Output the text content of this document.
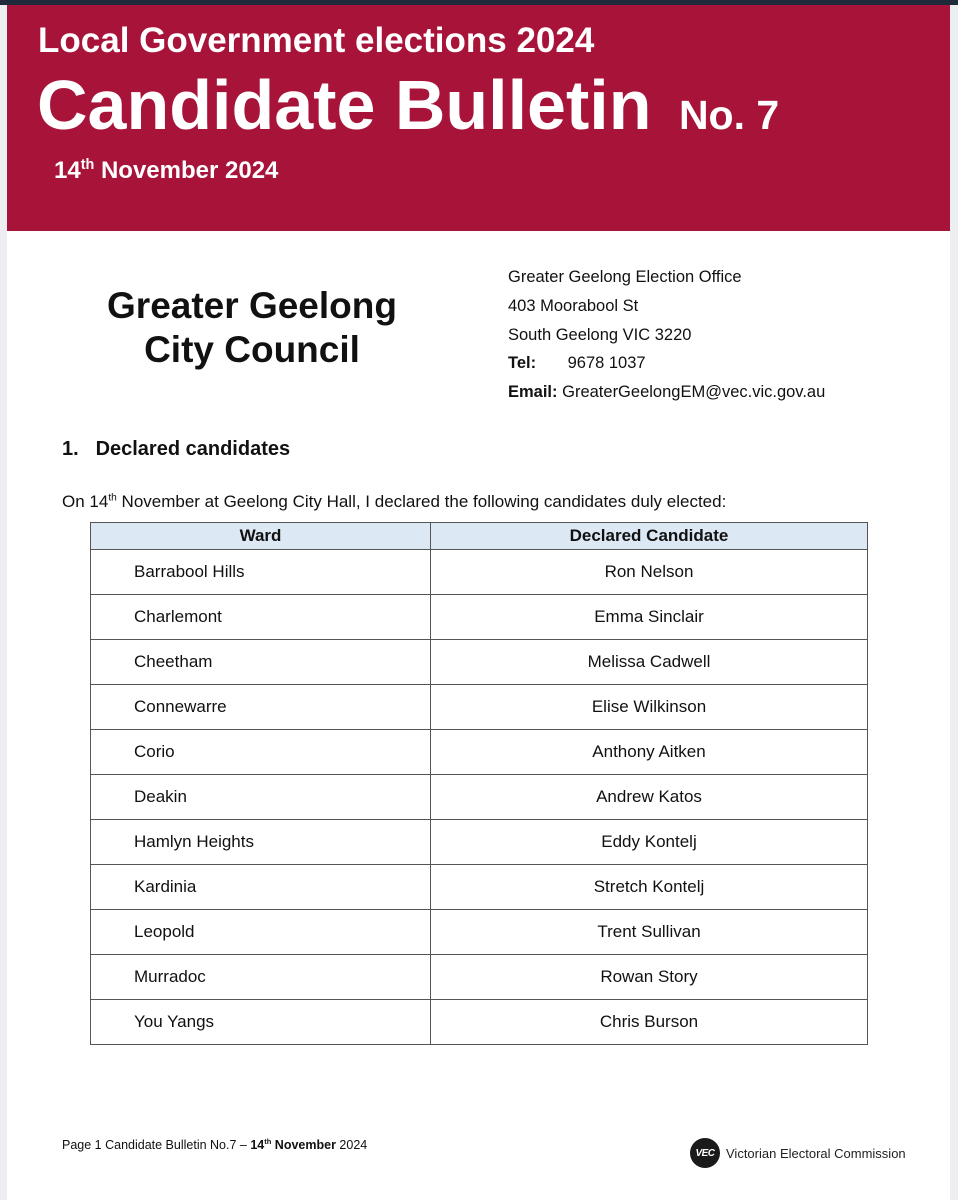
Local Government elections 2024
Candidate Bulletin No. 7
14th November 2024
Greater Geelong
City Council
Greater Geelong Election Office
403 Moorabool St
South Geelong VIC 3220
Tel: 9678 1037
Email: GreaterGeelongEM@vec.vic.gov.au
1. Declared candidates
On 14th November at Geelong City Hall, I declared the following candidates duly elected:
Ward	Declared Candidate
Barrabool Hills	Ron Nelson
Charlemont	Emma Sinclair
Cheetham	Melissa Cadwell
Connewarre	Elise Wilkinson
Corio	Anthony Aitken
Deakin	Andrew Katos
Hamlyn Heights	Eddy Kontelj
Kardinia	Stretch Kontelj
Leopold	Trent Sullivan
Murradoc	Rowan Story
You Yangs	Chris Burson
Page 1 Candidate Bulletin No.7 – 14th November 2024
VEC Victorian Electoral Commission
